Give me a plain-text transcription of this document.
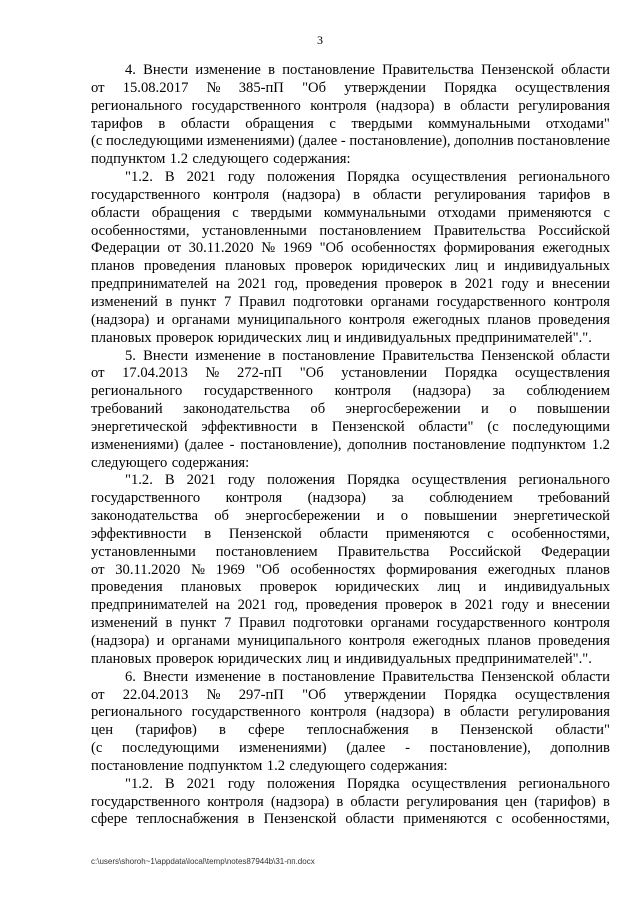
3
4. Внести изменение в постановление Правительства Пензенской области
от 15.08.2017 № 385-пП "Об утверждении Порядка осуществления
регионального государственного контроля (надзора) в области регулирования
тарифов в области обращения с твердыми коммунальными отходами"
(с последующими изменениями) (далее - постановление), дополнив постановление
подпунктом 1.2 следующего содержания:
"1.2. В 2021 году положения Порядка осуществления регионального
государственного контроля (надзора) в области регулирования тарифов в
области обращения с твердыми коммунальными отходами применяются с
особенностями, установленными постановлением Правительства Российской
Федерации от 30.11.2020 № 1969 "Об особенностях формирования ежегодных
планов проведения плановых проверок юридических лиц и индивидуальных
предпринимателей на 2021 год, проведения проверок в 2021 году и внесении
изменений в пункт 7 Правил подготовки органами государственного контроля
(надзора) и органами муниципального контроля ежегодных планов проведения
плановых проверок юридических лиц и индивидуальных предпринимателей".".
5. Внести изменение в постановление Правительства Пензенской области
от 17.04.2013 № 272-пП "Об установлении Порядка осуществления
регионального государственного контроля (надзора) за соблюдением
требований законодательства об энергосбережении и о повышении
энергетической эффективности в Пензенской области" (с последующими
изменениями) (далее - постановление), дополнив постановление подпунктом 1.2
следующего содержания:
"1.2. В 2021 году положения Порядка осуществления регионального
государственного контроля (надзора) за соблюдением требований
законодательства об энергосбережении и о повышении энергетической
эффективности в Пензенской области применяются с особенностями,
установленными постановлением Правительства Российской Федерации
от 30.11.2020 № 1969 "Об особенностях формирования ежегодных планов
проведения плановых проверок юридических лиц и индивидуальных
предпринимателей на 2021 год, проведения проверок в 2021 году и внесении
изменений в пункт 7 Правил подготовки органами государственного контроля
(надзора) и органами муниципального контроля ежегодных планов проведения
плановых проверок юридических лиц и индивидуальных предпринимателей".".
6. Внести изменение в постановление Правительства Пензенской области
от 22.04.2013 № 297-пП "Об утверждении Порядка осуществления
регионального государственного контроля (надзора) в области регулирования
цен (тарифов) в сфере теплоснабжения в Пензенской области"
(с последующими изменениями) (далее - постановление), дополнив
постановление подпунктом 1.2 следующего содержания:
"1.2. В 2021 году положения Порядка осуществления регионального
государственного контроля (надзора) в области регулирования цен (тарифов) в
сфере теплоснабжения в Пензенской области применяются с особенностями,
c:\users\shoroh~1\appdata\local\temp\notes87944b\31-пп.docx
